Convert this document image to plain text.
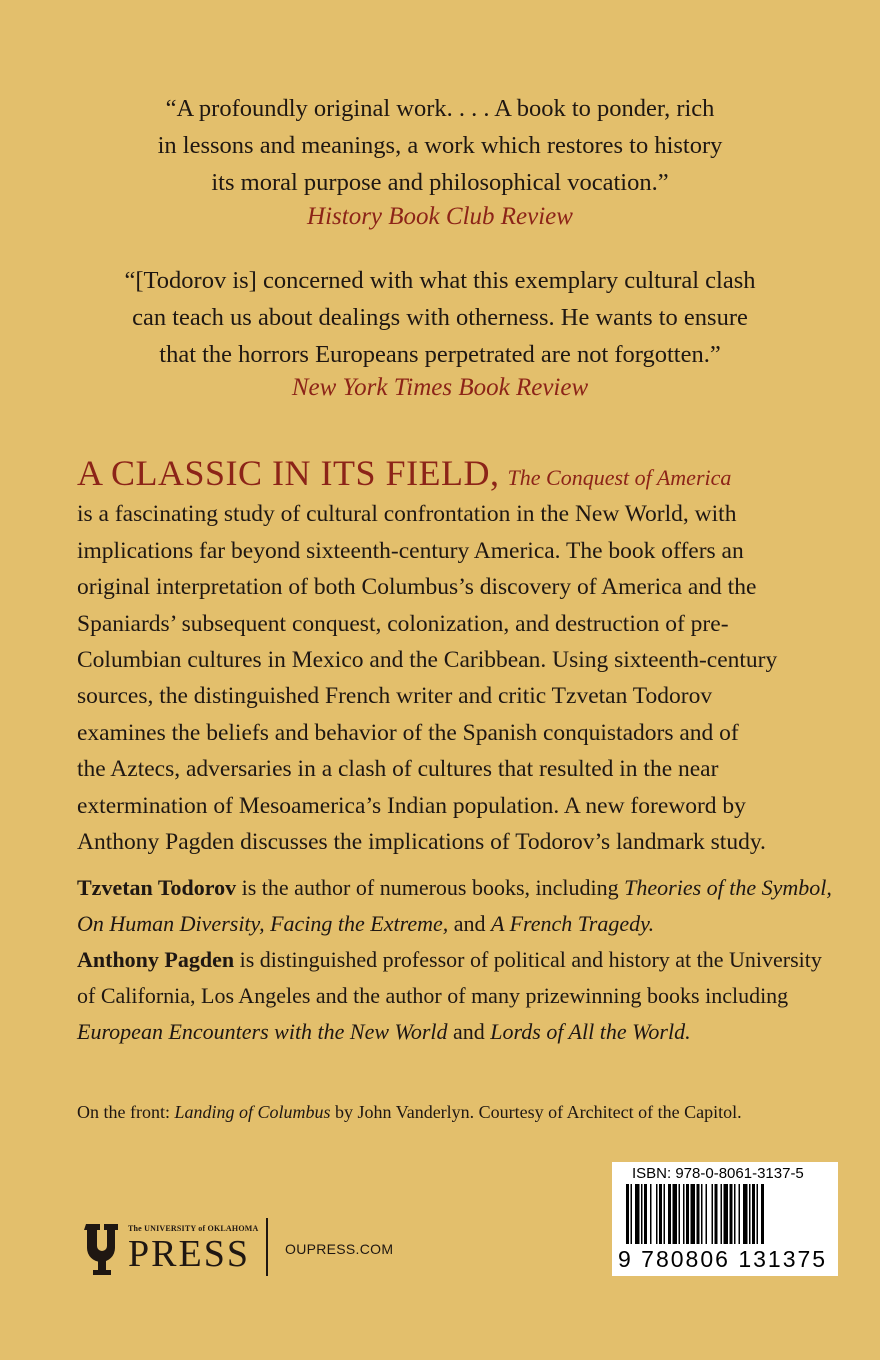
“A profoundly original work. . . . A book to ponder, rich
in lessons and meanings, a work which restores to history
its moral purpose and philosophical vocation.”
History Book Club Review
“[Todorov is] concerned with what this exemplary cultural clash
can teach us about dealings with otherness. He wants to ensure
that the horrors Europeans perpetrated are not forgotten.”
New York Times Book Review
A CLASSIC IN ITS FIELD, The Conquest of America
is a fascinating study of cultural confrontation in the New World, with
implications far beyond sixteenth-century America. The book offers an
original interpretation of both Columbus’s discovery of America and the
Spaniards’ subsequent conquest, colonization, and destruction of pre-
Columbian cultures in Mexico and the Caribbean. Using sixteenth-century
sources, the distinguished French writer and critic Tzvetan Todorov
examines the beliefs and behavior of the Spanish conquistadors and of
the Aztecs, adversaries in a clash of cultures that resulted in the near
extermination of Mesoamerica’s Indian population. A new foreword by
Anthony Pagden discusses the implications of Todorov’s landmark study.
Tzvetan Todorov is the author of numerous books, including Theories of the Symbol, On Human Diversity, Facing the Extreme, and A French Tragedy.
Anthony Pagden is distinguished professor of political and history at the University of California, Los Angeles and the author of many prizewinning books including European Encounters with the New World and Lords of All the World.
On the front: Landing of Columbus by John Vanderlyn. Courtesy of Architect of the Capitol.
The UNIVERSITY of OKLAHOMA
PRESS	OUPRESS.COM
ISBN: 978-0-8061-3137-5
9 780806 131375
